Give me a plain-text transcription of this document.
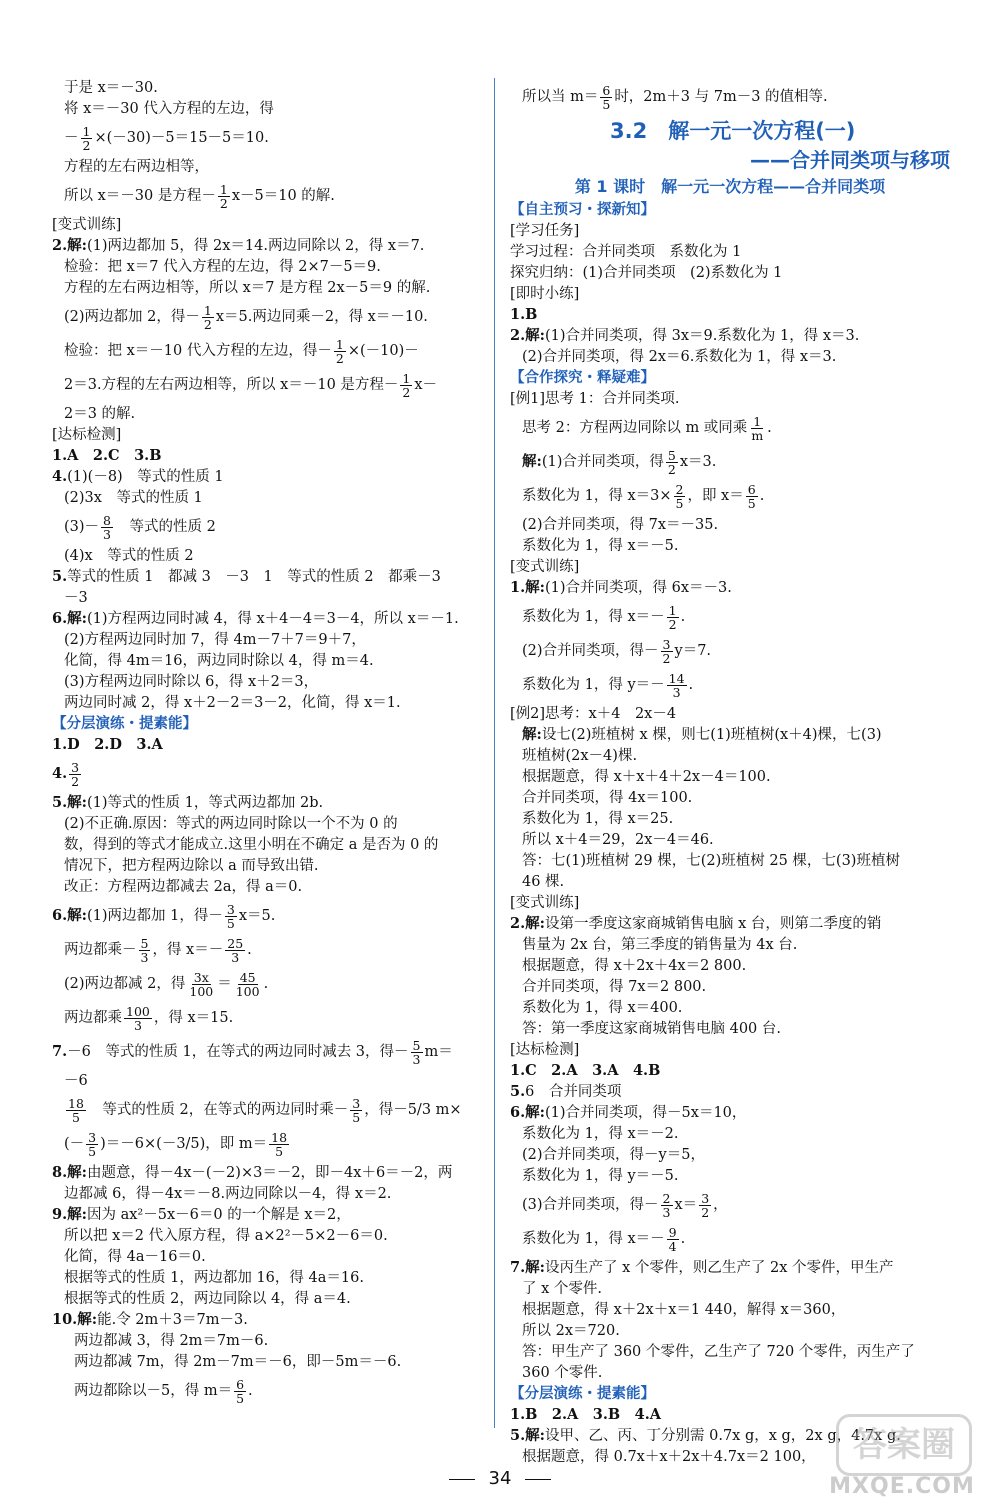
于是 x＝－30.
将 x＝－30 代入方程的左边，得
－ $\frac{1}{2} \times(-30)-5=15-5=10$.
方程的左右两边相等，
所以 x＝－30 是方程－ $\frac{1}{2} x-5=10$ 的解.
[变式训练]
2.解:(1)两边都加 5，得 2x＝14.两边同除以 2，得 x＝7.
检验：把 x＝7 代入方程的左边，得 2×7－5＝9.
方程的左右两边相等，所以 x＝7 是方程 2x－5＝9 的解.
(2)两边都加 2，得－ $\frac{1}{2} x=5$.两边同乘－2，得 x＝－10.
检验：把 x＝－10 代入方程的左边，得－ $\frac{1}{2} \times(-10)-$
2＝3.方程的左右两边相等，所以 x＝－10 是方程－ $\frac{1}{2} x-$
2＝3 的解.
[达标检测]
1.A　2.C　3.B
4.(1)(－8)　等式的性质 1
(2)3x　等式的性质 1
$(3)- \frac{8}{3}$ 　等式的性质 2
(4)x　等式的性质 2
5.等式的性质 1　都减 3　－3　1　等式的性质 2　都乘－3
－3
6.解:(1)方程两边同时减 4，得 x＋4－4＝3－4，所以 x＝－1.
(2)方程两边同时加 7，得 4m－7＋7＝9＋7，
化简，得 4m＝16，两边同时除以 4，得 m＝4.
(3)方程两边同时除以 6，得 x＋2＝3，
两边同时减 2，得 x＋2－2＝3－2，化简，得 x＝1.
【分层演练・提素能】
1.D　2.D　3.A
4. $\frac{3}{2}$
5.解:(1)等式的性质 1，等式两边都加 2b.
(2)不正确.原因：等式的两边同时除以一个不为 0 的
数，得到的等式才能成立.这里小明在不确定 a 是否为 0 的
情况下，把方程两边除以 a 而导致出错.
改正：方程两边都减去 2a，得 a＝0.
6.解: (1)两边都加 1，得－ $\frac{3}{5} x=5$.
两边都乘－ $\frac{5}{3}$ ，得 $x=- \frac{25}{3}$ .
(2)两边都减 2，得 $\frac{3x}{100} = \frac{45}{100}$ .
两边都乘 $\frac{100}{3}$ ，得 x＝15.
7. －6　等式的性质 1，在等式的两边同时减去 3，得－ $\frac{5}{3} m=$
－6
$\frac{18}{5}$ 　等式的性质 2，在等式的两边同时乘－ $\frac{3}{5}$ ，得－5/3 m×
(－ $\frac{3}{5} )=-6\times(-3/5)$，即 $m= \frac{18}{5}$
8.解:由题意，得－4x－(－2)×3＝－2，即－4x＋6＝－2，两
边都减 6，得－4x＝－8.两边同除以－4，得 x＝2.
9.解:因为 ax²－5x－6＝0 的一个解是 x＝2，
所以把 x＝2 代入原方程，得 a×2²－5×2－6＝0.
化简，得 4a－16＝0.
根据等式的性质 1，两边都加 16，得 4a＝16.
根据等式的性质 2，两边同除以 4，得 a＝4.
10.解:能.令 2m＋3＝7m－3.
两边都减 3，得 2m＝7m－6.
两边都减 7m，得 2m－7m＝－6，即－5m＝－6.
两边都除以－5，得 $m= \frac{6}{5}$ .
所以当 $m= \frac{6}{5}$ 时，2m＋3 与 7m－3 的值相等.
3.2　解一元一次方程(一)
——合并同类项与移项
第 1 课时　解一元一次方程——合并同类项
【自主预习・探新知】
[学习任务]
学习过程：合并同类项　系数化为 1
探究归纳：(1)合并同类项　(2)系数化为 1
[即时小练]
1.B
2.解:(1)合并同类项，得 3x＝9.系数化为 1，得 x＝3.
(2)合并同类项，得 2x＝6.系数化为 1，得 x＝3.
【合作探究・释疑难】
[例1]思考 1：合并同类项.
思考 2：方程两边同除以 m 或同乘 $\frac{1}{m}$ .
解: (1)合并同类项，得 $\frac{5}{2} x=3$.
系数化为 1，得 $x=3\times \frac{2}{5}$ ，即 $x= \frac{6}{5}$ .
(2)合并同类项，得 7x＝－35.
系数化为 1，得 x＝－5.
[变式训练]
1.解:(1)合并同类项，得 6x＝－3.
系数化为 1，得 $x=- \frac{1}{2}$ .
(2)合并同类项，得－ $\frac{3}{2} y=7$.
系数化为 1，得 $y=- \frac{14}{3}$ .
[例2]思考：x＋4　2x－4
解:设七(2)班植树 x 棵，则七(1)班植树(x＋4)棵，七(3)
班植树(2x－4)棵.
根据题意，得 x＋x＋4＋2x－4＝100.
合并同类项，得 4x＝100.
系数化为 1，得 x＝25.
所以 x＋4＝29，2x－4＝46.
答：七(1)班植树 29 棵，七(2)班植树 25 棵，七(3)班植树
46 棵.
[变式训练]
2.解:设第一季度这家商城销售电脑 x 台，则第二季度的销
售量为 2x 台，第三季度的销售量为 4x 台.
根据题意，得 x＋2x＋4x＝2 800.
合并同类项，得 7x＝2 800.
系数化为 1，得 x＝400.
答：第一季度这家商城销售电脑 400 台.
[达标检测]
1.C　2.A　3.A　4.B
5.6　合并同类项
6.解:(1)合并同类项，得－5x＝10，
系数化为 1，得 x＝－2.
(2)合并同类项，得－y＝5，
系数化为 1，得 y＝－5.
(3)合并同类项，得－ $\frac{2}{3} x= \frac{3}{2}$ ，
系数化为 1，得 $x=- \frac{9}{4}$ .
7.解:设丙生产了 x 个零件，则乙生产了 2x 个零件，甲生产
了 x 个零件.
根据题意，得 x＋2x＋x＝1 440，解得 x＝360，
所以 2x＝720.
答：甲生产了 360 个零件，乙生产了 720 个零件，丙生产了
360 个零件.
【分层演练・提素能】
1.B　2.A　3.B　4.A
5.解:设甲、乙、丙、丁分别需 0.7x g，x g，2x g，4.7x g.
根据题意，得 0.7x＋x＋2x＋4.7x＝2 100，
34
答案圈
MXQE.COM
